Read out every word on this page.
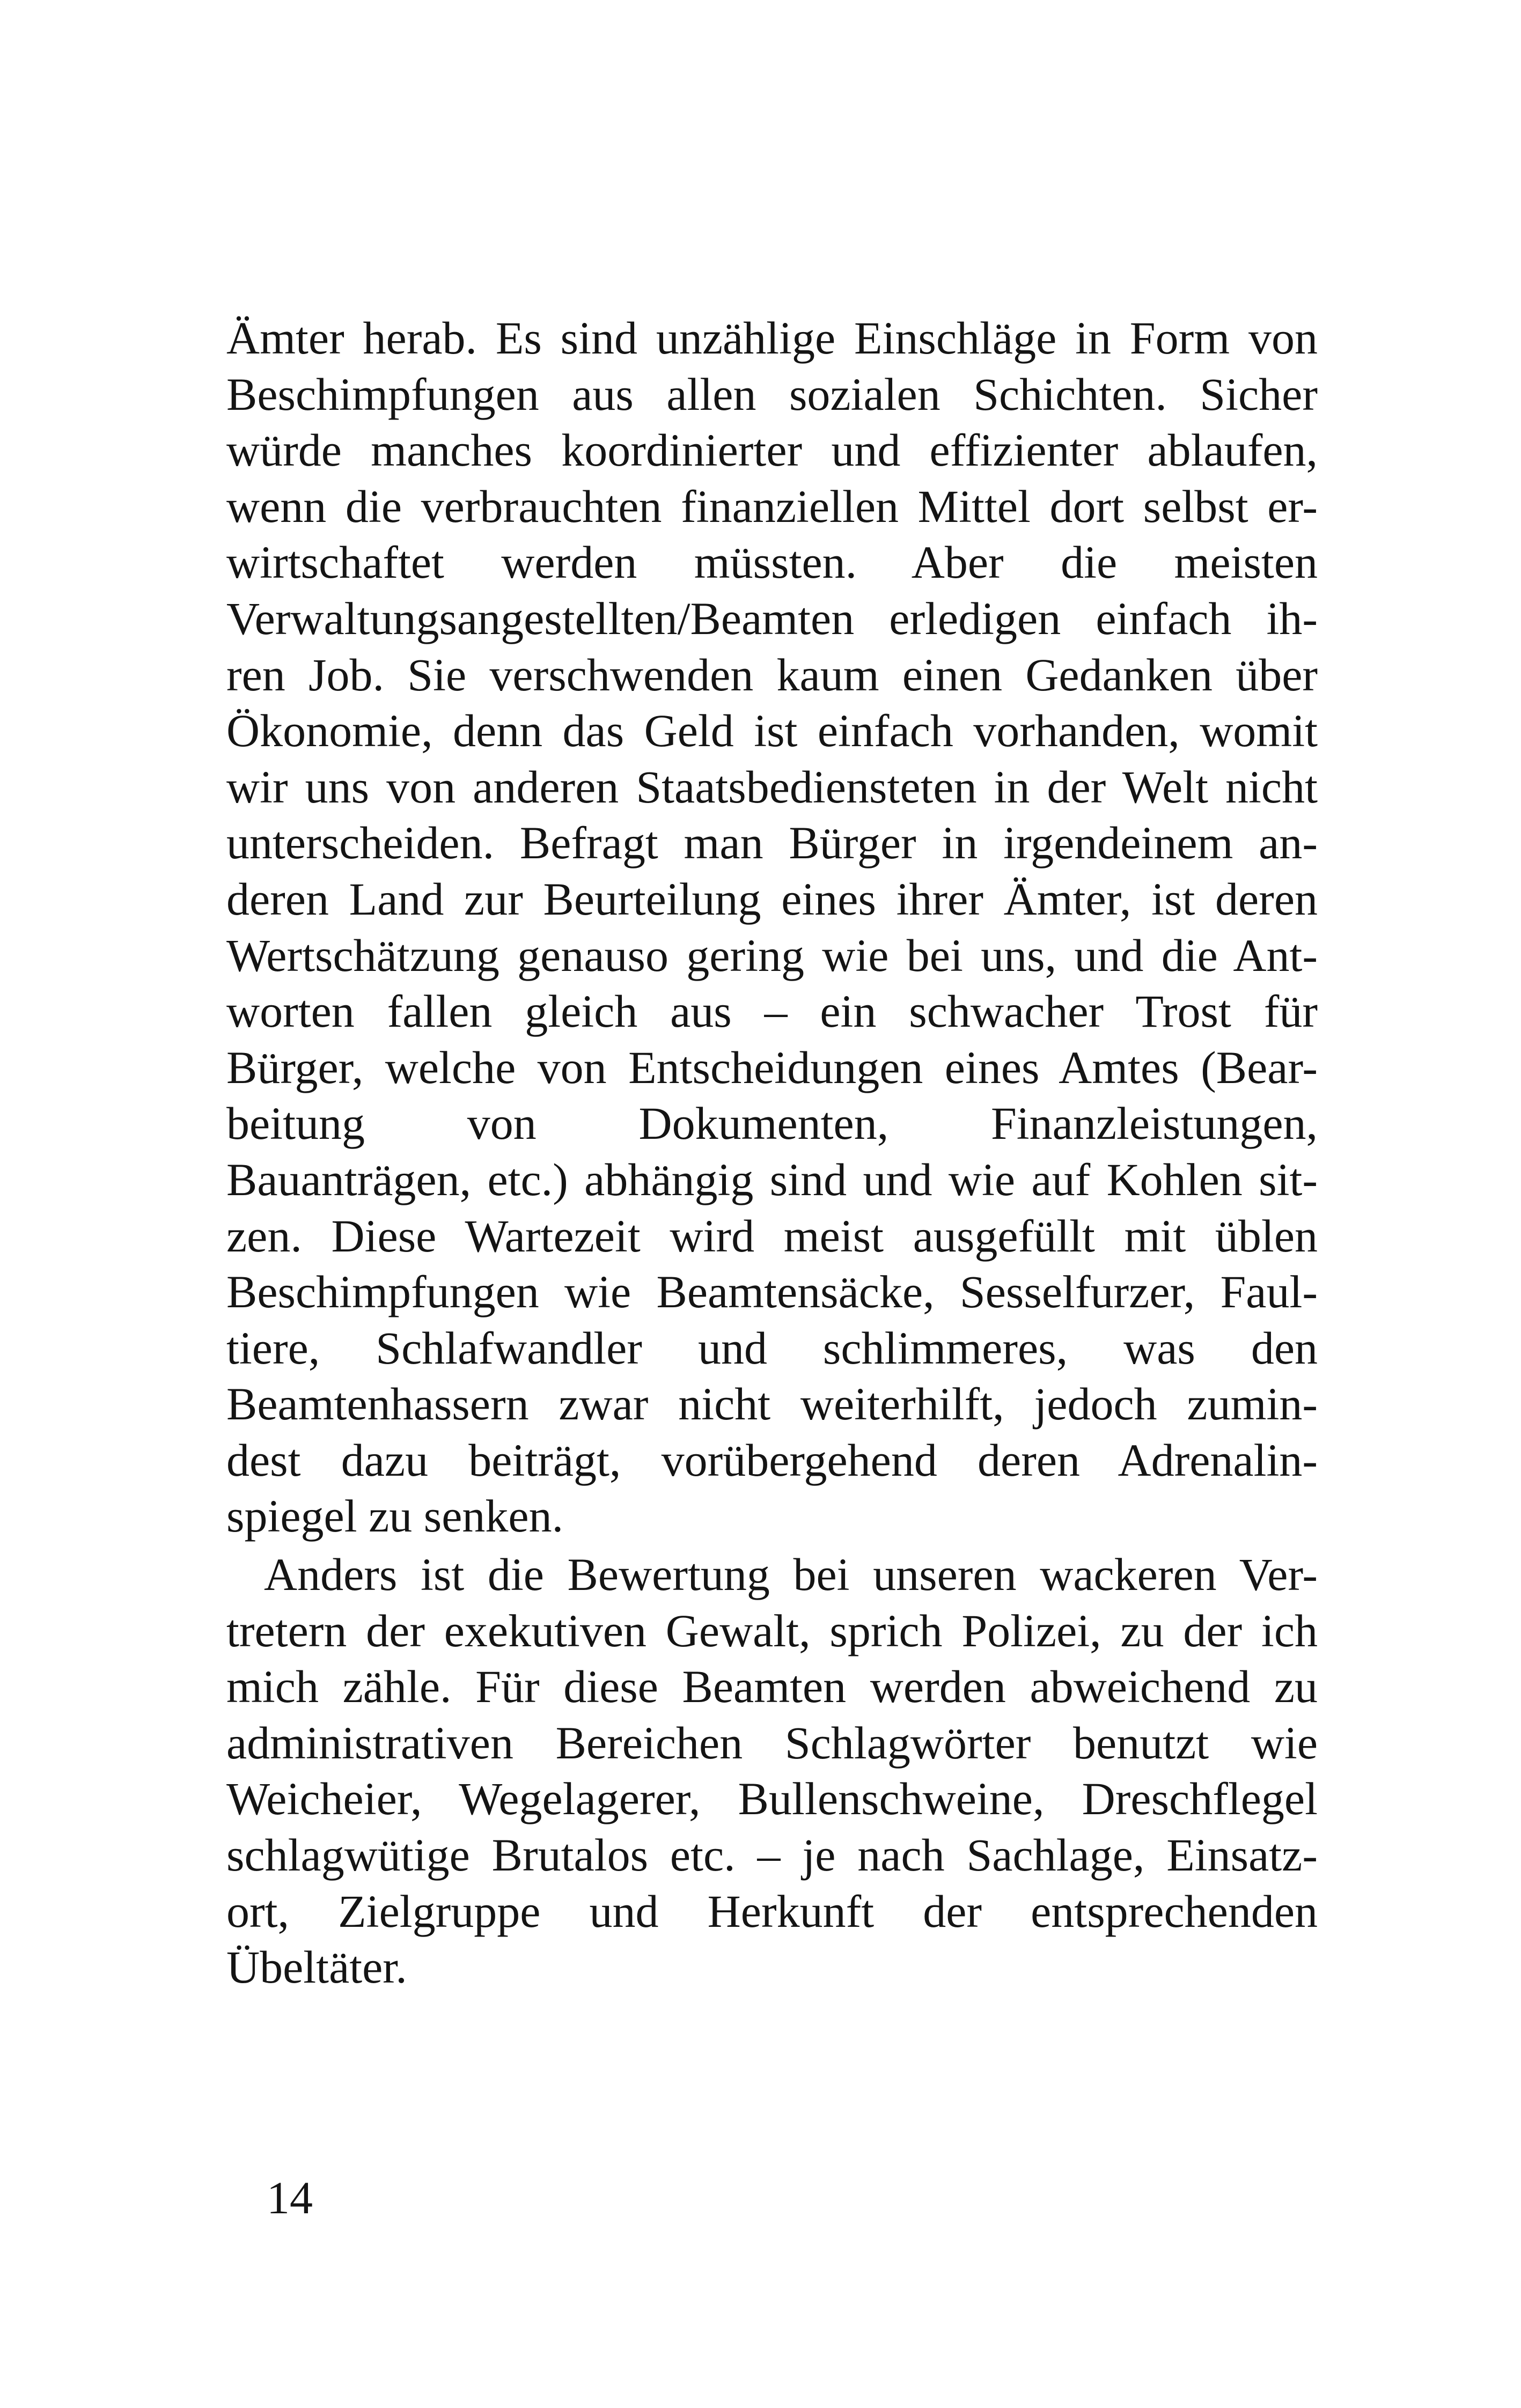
Ämter herab. Es sind unzählige Einschläge in Form von
Beschimpfungen aus allen sozialen Schichten. Sicher
würde manches koordinierter und effizienter ablaufen,
wenn die verbrauchten finanziellen Mittel dort selbst er-
wirtschaftet werden müssten. Aber die meisten
Verwaltungsangestellten/Beamten erledigen einfach ih-
ren Job. Sie verschwenden kaum einen Gedanken über
Ökonomie, denn das Geld ist einfach vorhanden, womit
wir uns von anderen Staatsbediensteten in der Welt nicht
unterscheiden. Befragt man Bürger in irgendeinem an-
deren Land zur Beurteilung eines ihrer Ämter, ist deren
Wertschätzung genauso gering wie bei uns, und die Ant-
worten fallen gleich aus – ein schwacher Trost für
Bürger, welche von Entscheidungen eines Amtes (Bear-
beitung von Dokumenten, Finanzleistungen,
Bauanträgen, etc.) abhängig sind und wie auf Kohlen sit-
zen. Diese Wartezeit wird meist ausgefüllt mit üblen
Beschimpfungen wie Beamtensäcke, Sesselfurzer, Faul-
tiere, Schlafwandler und schlimmeres, was den
Beamtenhassern zwar nicht weiterhilft, jedoch zumin-
dest dazu beiträgt, vorübergehend deren Adrenalin-
spiegel zu senken.
Anders ist die Bewertung bei unseren wackeren Ver-
tretern der exekutiven Gewalt, sprich Polizei, zu der ich
mich zähle. Für diese Beamten werden abweichend zu
administrativen Bereichen Schlagwörter benutzt wie
Weicheier, Wegelagerer, Bullenschweine, Dreschflegel
schlagwütige Brutalos etc. – je nach Sachlage, Einsatz-
ort, Zielgruppe und Herkunft der entsprechenden
Übeltäter.
14
